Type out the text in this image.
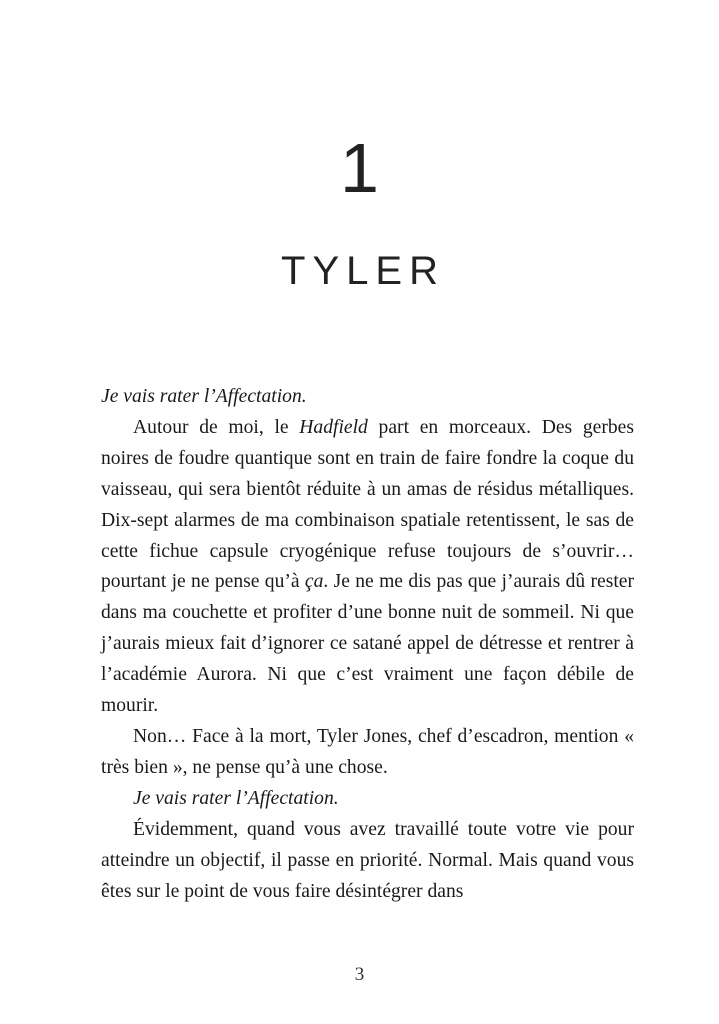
1
TYLER

Je vais rater l’Affectation.

Autour de moi, le Hadfield part en morceaux. Des gerbes noires de foudre quantique sont en train de faire fondre la coque du vaisseau, qui sera bientôt réduite à un amas de résidus métalliques. Dix-sept alarmes de ma combinaison spatiale retentissent, le sas de cette fichue capsule cryogénique refuse toujours de s’ouvrir… pourtant je ne pense qu’à ça. Je ne me dis pas que j’aurais dû rester dans ma couchette et profiter d’une bonne nuit de sommeil. Ni que j’aurais mieux fait d’ignorer ce satané appel de détresse et rentrer à l’académie Aurora. Ni que c’est vraiment une façon débile de mourir.

Non… Face à la mort, Tyler Jones, chef d’escadron, mention « très bien », ne pense qu’à une chose.

Je vais rater l’Affectation.

Évidemment, quand vous avez travaillé toute votre vie pour atteindre un objectif, il passe en priorité. Normal. Mais quand vous êtes sur le point de vous faire désintégrer dans

3
